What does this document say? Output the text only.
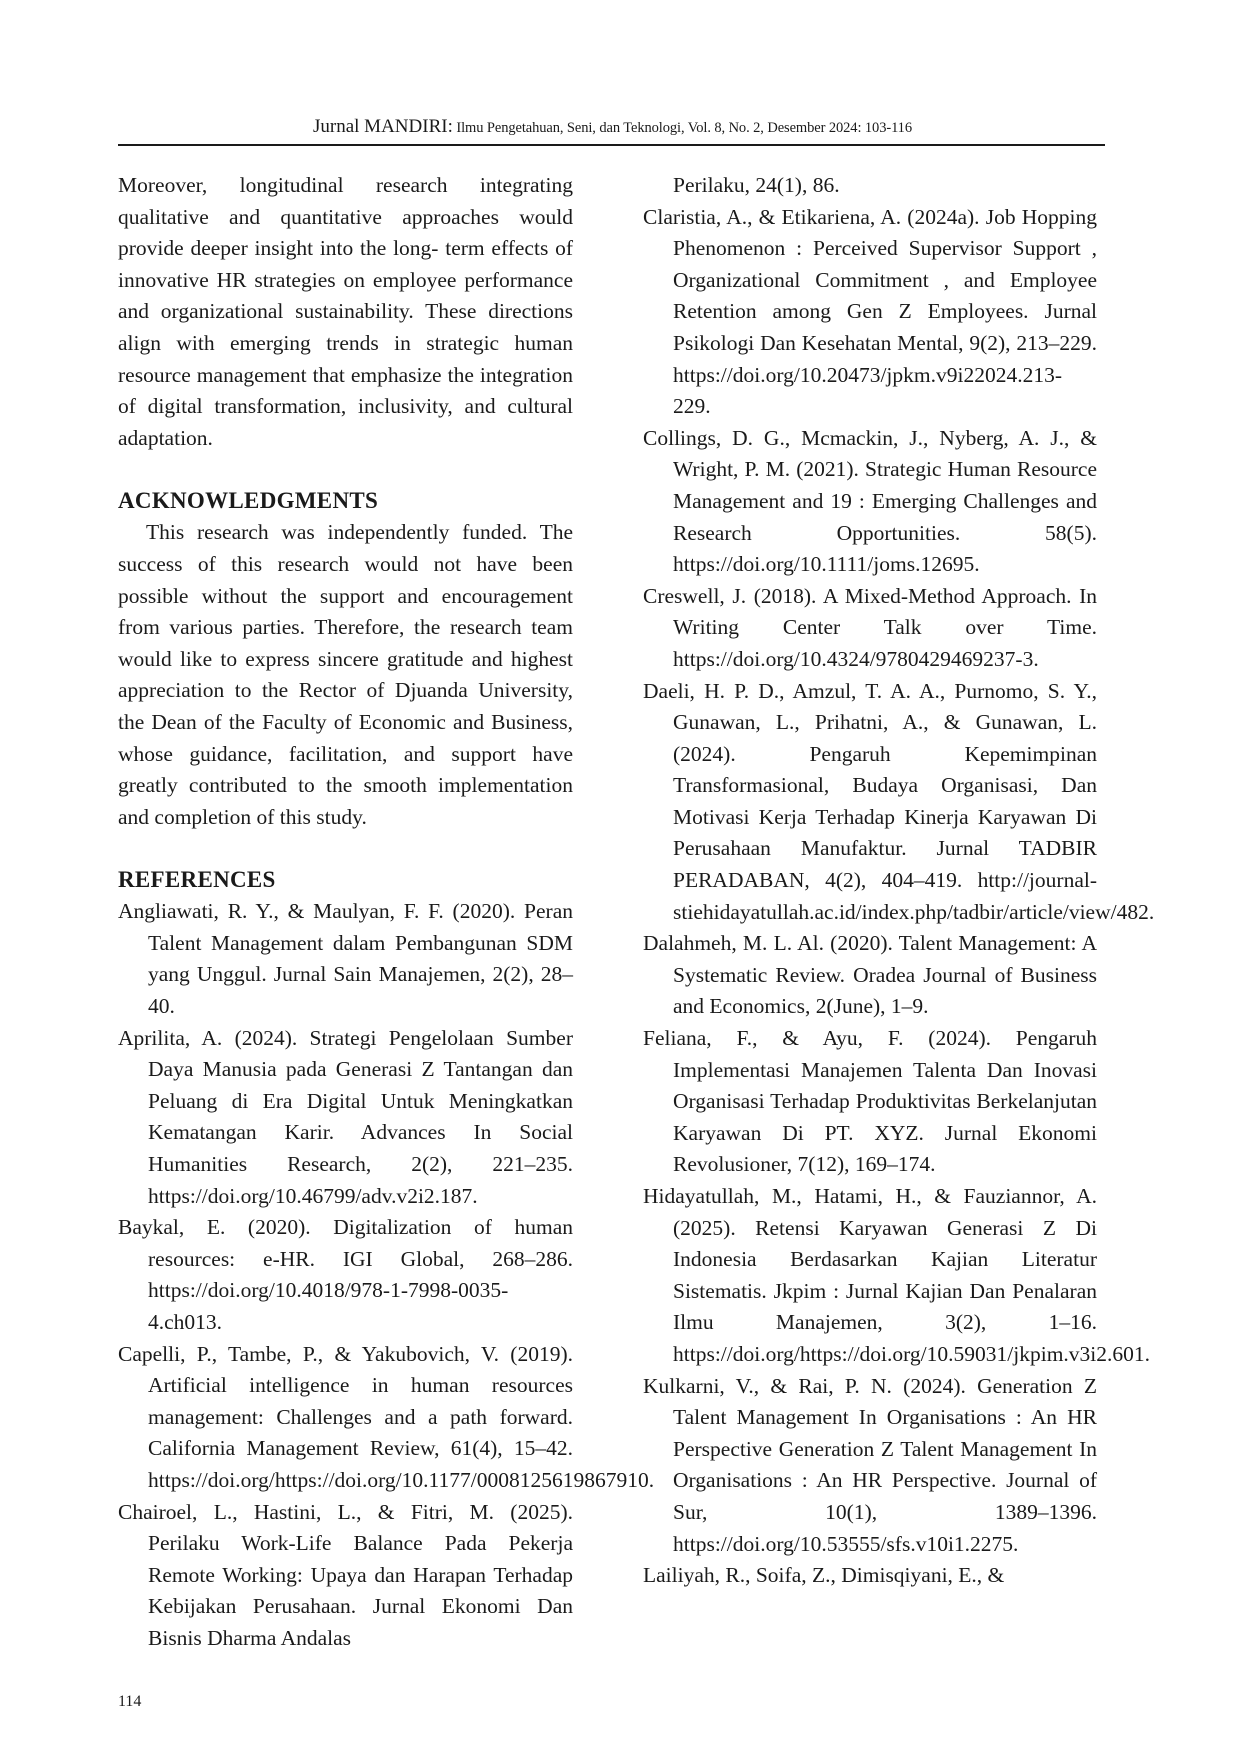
Jurnal MANDIRI: Ilmu Pengetahuan, Seni, dan Teknologi, Vol. 8, No. 2, Desember 2024: 103-116

Moreover, longitudinal research integrating qualitative and quantitative approaches would provide deeper insight into the long- term effects of innovative HR strategies on employee performance and organizational sustainability. These directions align with emerging trends in strategic human resource management that emphasize the integration of digital transformation, inclusivity, and cultural adaptation.

ACKNOWLEDGMENTS

This research was independently funded. The success of this research would not have been possible without the support and encouragement from various parties. Therefore, the research team would like to express sincere gratitude and highest appreciation to the Rector of Djuanda University, the Dean of the Faculty of Economic and Business, whose guidance, facilitation, and support have greatly contributed to the smooth implementation and completion of this study.

REFERENCES

Angliawati, R. Y., & Maulyan, F. F. (2020). Peran Talent Management dalam Pembangunan SDM yang Unggul. Jurnal Sain Manajemen, 2(2), 28–40.

Aprilita, A. (2024). Strategi Pengelolaan Sumber Daya Manusia pada Generasi Z Tantangan dan Peluang di Era Digital Untuk Meningkatkan Kematangan Karir. Advances In Social Humanities Research, 2(2), 221–235. https://doi.org/10.46799/adv.v2i2.187.

Baykal, E. (2020). Digitalization of human resources: e-HR. IGI Global, 268–286. https://doi.org/10.4018/978-1-7998-0035-4.ch013.

Capelli, P., Tambe, P., & Yakubovich, V. (2019). Artificial intelligence in human resources management: Challenges and a path forward. California Management Review, 61(4), 15–42. https://doi.org/https://doi.org/10.1177/0008125619867910.

Chairoel, L., Hastini, L., & Fitri, M. (2025). Perilaku Work-Life Balance Pada Pekerja Remote Working: Upaya dan Harapan Terhadap Kebijakan Perusahaan. Jurnal Ekonomi Dan Bisnis Dharma Andalas

Perilaku, 24(1), 86.

Claristia, A., & Etikariena, A. (2024a). Job Hopping Phenomenon : Perceived Supervisor Support , Organizational Commitment , and Employee Retention among Gen Z Employees. Jurnal Psikologi Dan Kesehatan Mental, 9(2), 213–229. https://doi.org/10.20473/jpkm.v9i22024.213- 229.

Collings, D. G., Mcmackin, J., Nyberg, A. J., & Wright, P. M. (2021). Strategic Human Resource Management and 19 : Emerging Challenges and Research Opportunities. 58(5). https://doi.org/10.1111/joms.12695.

Creswell, J. (2018). A Mixed-Method Approach. In Writing Center Talk over Time. https://doi.org/10.4324/9780429469237-3.

Daeli, H. P. D., Amzul, T. A. A., Purnomo, S. Y., Gunawan, L., Prihatni, A., & Gunawan, L. (2024). Pengaruh Kepemimpinan Transformasional, Budaya Organisasi, Dan Motivasi Kerja Terhadap Kinerja Karyawan Di Perusahaan Manufaktur. Jurnal TADBIR PERADABAN, 4(2), 404–419. http://journal-stiehidayatullah.ac.id/index.php/tadbir/article/view/482.

Dalahmeh, M. L. Al. (2020). Talent Management: A Systematic Review. Oradea Journal of Business and Economics, 2(June), 1–9.

Feliana, F., & Ayu, F. (2024). Pengaruh Implementasi Manajemen Talenta Dan Inovasi Organisasi Terhadap Produktivitas Berkelanjutan Karyawan Di PT. XYZ. Jurnal Ekonomi Revolusioner, 7(12), 169–174.

Hidayatullah, M., Hatami, H., & Fauziannor, A. (2025). Retensi Karyawan Generasi Z Di Indonesia Berdasarkan Kajian Literatur Sistematis. Jkpim : Jurnal Kajian Dan Penalaran Ilmu Manajemen, 3(2), 1–16. https://doi.org/https://doi.org/10.59031/jkpim.v3i2.601.

Kulkarni, V., & Rai, P. N. (2024). Generation Z Talent Management In Organisations : An HR Perspective Generation Z Talent Management In Organisations : An HR Perspective. Journal of Sur, 10(1), 1389–1396. https://doi.org/10.53555/sfs.v10i1.2275.

Lailiyah, R., Soifa, Z., Dimisqiyani, E., &

114
